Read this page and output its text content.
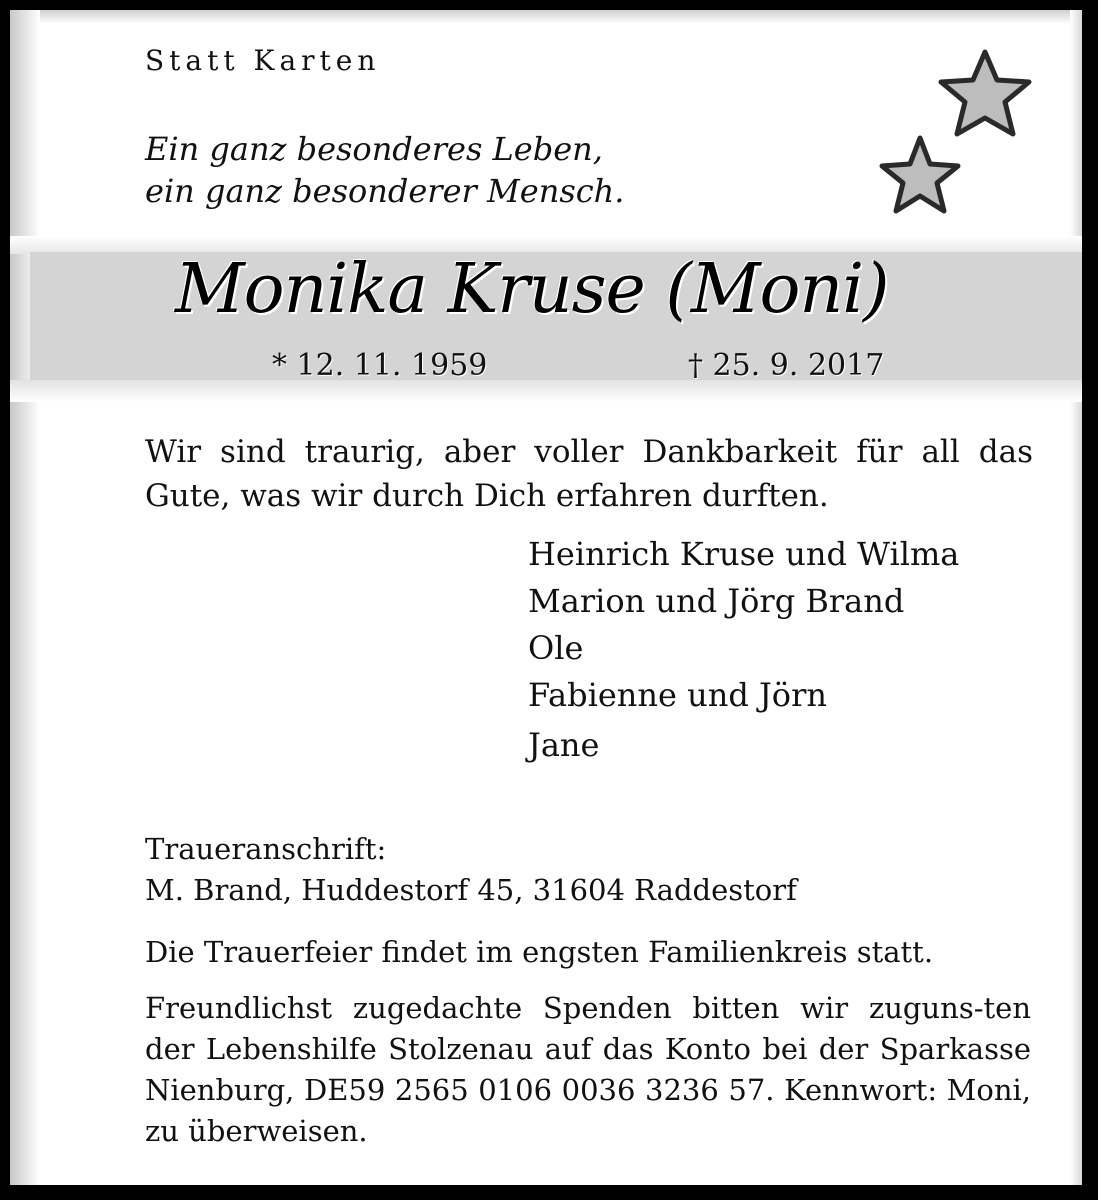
Statt Karten
Ein ganz besonderes Leben,
ein ganz besonderer Mensch.
Monika Kruse (Moni)
* 12. 11. 1959	† 25. 9. 2017
Wir sind traurig, aber voller Dankbarkeit für all das Gute, was wir durch Dich erfahren durften.
Heinrich Kruse und Wilma
Marion und Jörg Brand
Ole
Fabienne und Jörn
Jane
Traueranschrift:
M. Brand, Huddestorf 45, 31604 Raddestorf
Die Trauerfeier findet im engsten Familienkreis statt.
Freundlichst zugedachte Spenden bitten wir zuguns-ten der Lebenshilfe Stolzenau auf das Konto bei der Sparkasse Nienburg, DE59 2565 0106 0036 3236 57. Kennwort: Moni, zu überweisen.
